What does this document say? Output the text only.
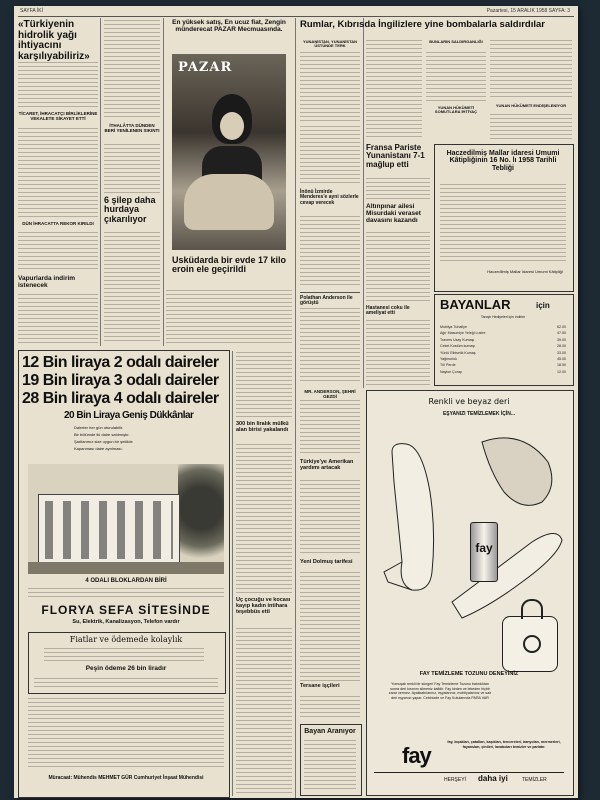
SAYFA İKİ	Pazartesi, 15 ARALIK 1958 SAYFA: 3
«Türkiyenin hidrolik yağı ihtiyacını karşılıyabiliriz»
TİCARET, İHRACATÇI BİRLİKLERİNE VEKALETE SİKAYET ETTİ
DÜN İHRACATTA REKOR KIRILDI
Vapurlarda indirim istenecek
İTHALÂTTA DÜNDEN BERİ YENİLENEN SIKINTI
6 şilep daha hurdaya çıkarılıyor
En yüksek satış, En ucuz fiat, Zengin münderecat PAZAR Mecmuasında.
PAZAR
Usküdarda bir evde 17 kilo eroin ele geçirildi
Rumlar, Kıbrısda İngilizlere yine bombalarla saldırdılar
YUNANİSTAN, YUNANİSTAN ÜSTÜNDE TERK
BUNLARIN SALDIRGANLIĞI
YUNAN HÜKÜMETİ SOMUTLARA İHTİYAÇ
YUNAN HÜKÜMETİ ENDİŞELENİYOR
İnönü İzmirde Menderes'e ayni sözlerle cevap verecek
Polathan Anderson ile görüştü
Fransa Pariste Yunanistanı 7-1 mağlup etti
Altınpınar ailesi Misurdaki veraset davasını kazandı
Hastanesi coku ile ameliyat etti
Haczedilmiş Mallar idaresi Umumi Kâtipliğinin 16 No. lı 1958 Tarihli Tebliği
Haczedilmiş Mallar İdaresi Umumi Kâtipliği
BAYANLAR	için
Tanıştı Hediyeleri için indirim
Mobilya Tuhafiye	62.00
Ağır Masumiye Yeleği Lustre	47.50
Travers Uzay Kumaşı	39.00
Ceket Kostüm kumaşı	28.00
Yünlü Elbiselik Kumaş	33.00
Yağmurluk	45.00
Tül Perde	18.50
Naylon Çorap	12.00
12 Bin liraya 2 odalı daireler
19 Bin liraya 3 odalı daireler
28 Bin liraya 4 odalı daireler
20 Bin Liraya Geniş Dükkânlar
Daireler her gün oturulabilir.
Bir bölümde iki daire satılmıştır.
Şartlarımız size uygun bir şekilde
Kapanması daire ayrılması.
4 ODALI BLOKLARDAN BİRİ
FLORYA SEFA SİTESİNDE
Su, Elektrik, Kanalizasyon, Telefon vardır
Fiatlar ve ödemede kolaylık
Peşin ödeme 26 bin liradır
Müracaat: Mühendis MEHMET GÜR Cumhuriyet İnşaat Mühendisi
300 bin liralık mülkü alan birisi yakalandı
Uç çocuğu ve kocası kayıp kadın intihara teşebbüs etti
MR. ANDERSON, ŞEHRİ GEZDİ
Türkiye'ye Amerikan yardımı artacak
Yeni Dolmuş tarifesi
Tersane işçileri
Bayan Aranıyor
Renkli ve beyaz deri
EŞYANIZI TEMİZLEMEK İÇİN...
fay
FAY TEMİZLEME TOZUNU DENEYİNİZ
Yumuşak renkli bir süngeri Fay Temizleme Tozunu batırdıktan sonra deri kısmını silmeniz kafidir. Fay kirden ve lekeden hiçbir zarar vermez. Ayakkabılarınız, eşyalarınız, mobilyalarınız ve sair deri eşyanızı yapar. Cebinizde ve Fay Kutularında PARA VAR
fay, bıçakları, çatalları, kaşıkları, tencereleri, banyoları, mermerleri, fayansları, çinileri, lavaboları temizler ve parlatır.
fay
HERŞEYİ daha iyi	TEMİZLER
